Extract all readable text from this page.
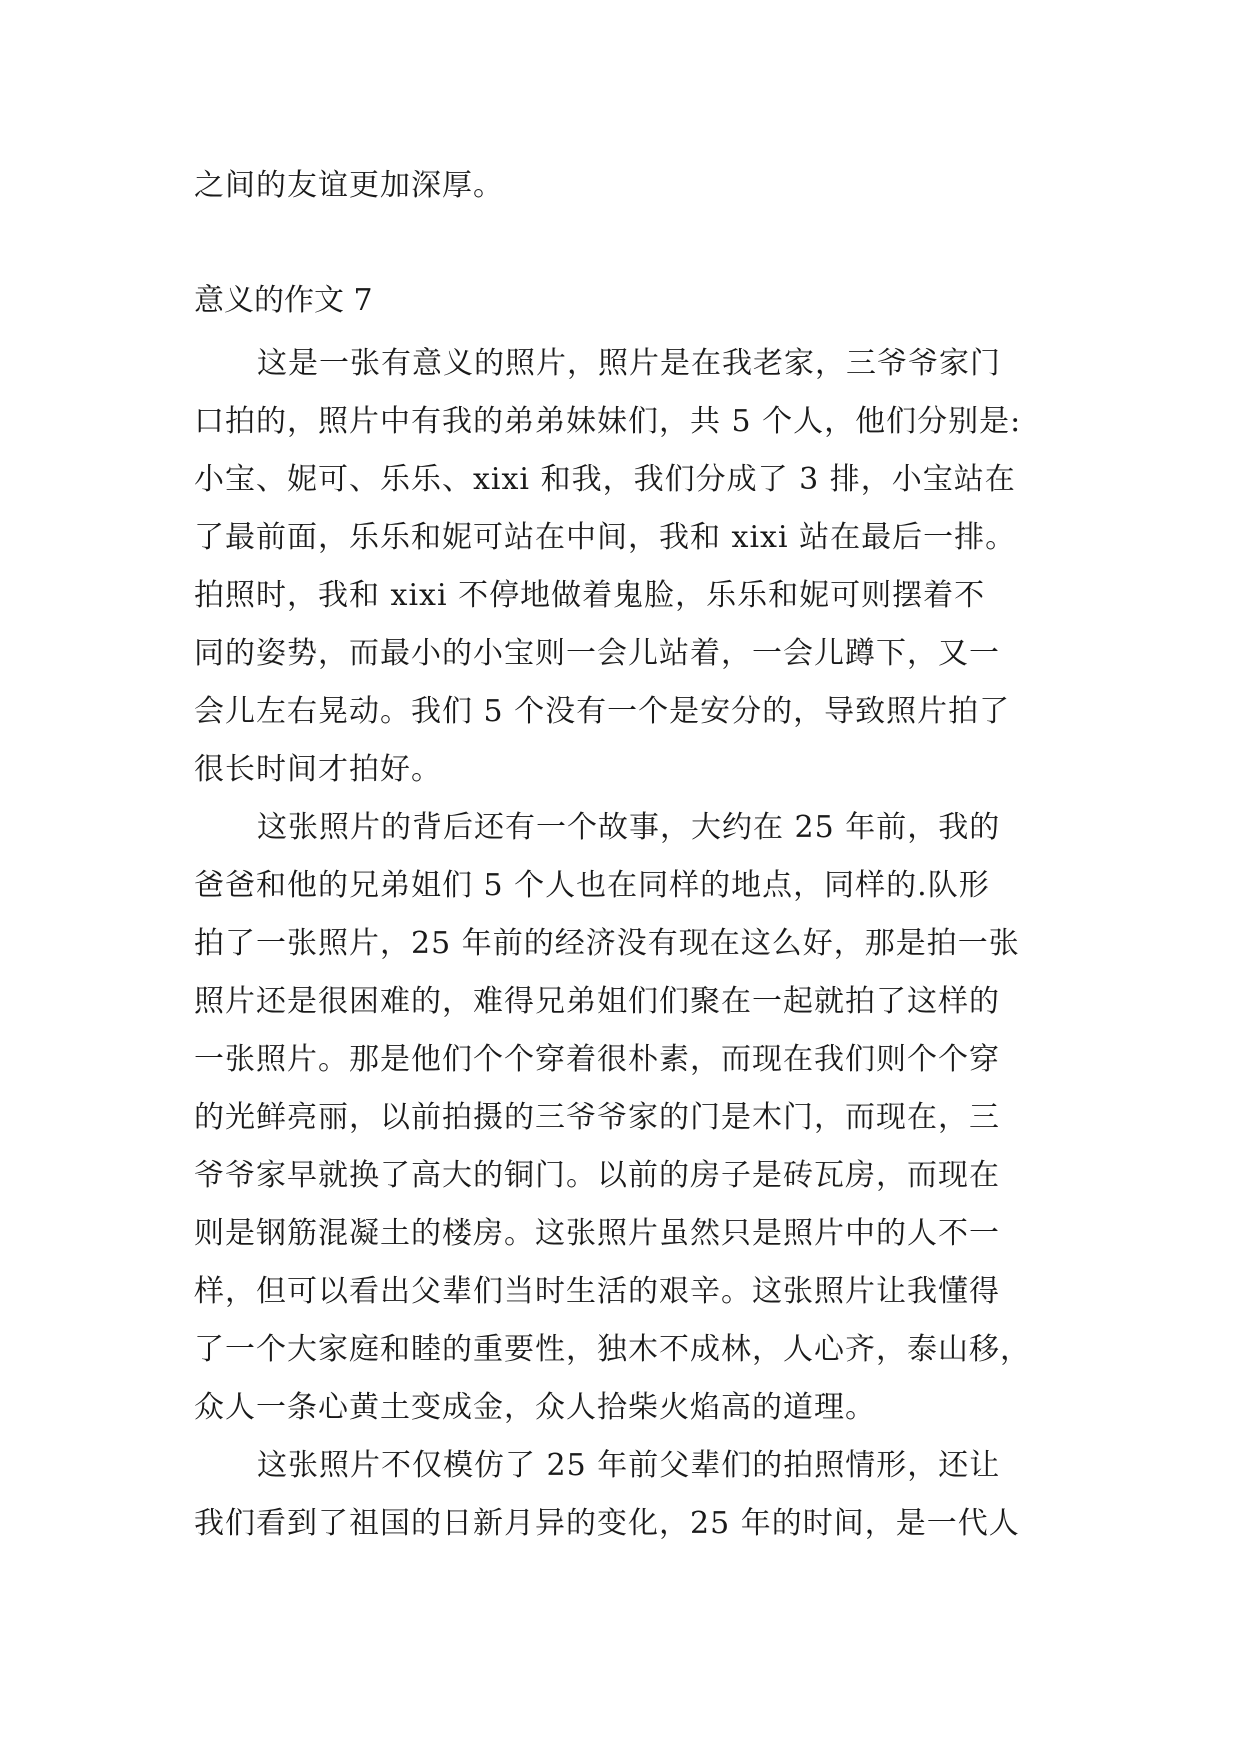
之间的友谊更加深厚。

意义的作文 7

这是一张有意义的照片，照片是在我老家，三爷爷家门

口拍的，照片中有我的弟弟妹妹们，共 5 个人，他们分别是:

小宝、妮可、乐乐、xixi 和我，我们分成了 3 排，小宝站在

了最前面，乐乐和妮可站在中间，我和 xixi 站在最后一排。

拍照时，我和 xixi 不停地做着鬼脸，乐乐和妮可则摆着不

同的姿势，而最小的小宝则一会儿站着，一会儿蹲下，又一

会儿左右晃动。我们 5 个没有一个是安分的，导致照片拍了

很长时间才拍好。

这张照片的背后还有一个故事，大约在 25 年前，我的

爸爸和他的兄弟姐们 5 个人也在同样的地点，同样的.队形

拍了一张照片，25 年前的经济没有现在这么好，那是拍一张

照片还是很困难的，难得兄弟姐们们聚在一起就拍了这样的

一张照片。那是他们个个穿着很朴素，而现在我们则个个穿

的光鲜亮丽，以前拍摄的三爷爷家的门是木门，而现在，三

爷爷家早就换了高大的铜门。以前的房子是砖瓦房，而现在

则是钢筋混凝土的楼房。这张照片虽然只是照片中的人不一

样，但可以看出父辈们当时生活的艰辛。这张照片让我懂得

了一个大家庭和睦的重要性，独木不成林，人心齐，泰山移，

众人一条心黄土变成金，众人拾柴火焰高的道理。

这张照片不仅模仿了 25 年前父辈们的拍照情形，还让

我们看到了祖国的日新月异的变化，25 年的时间，是一代人
